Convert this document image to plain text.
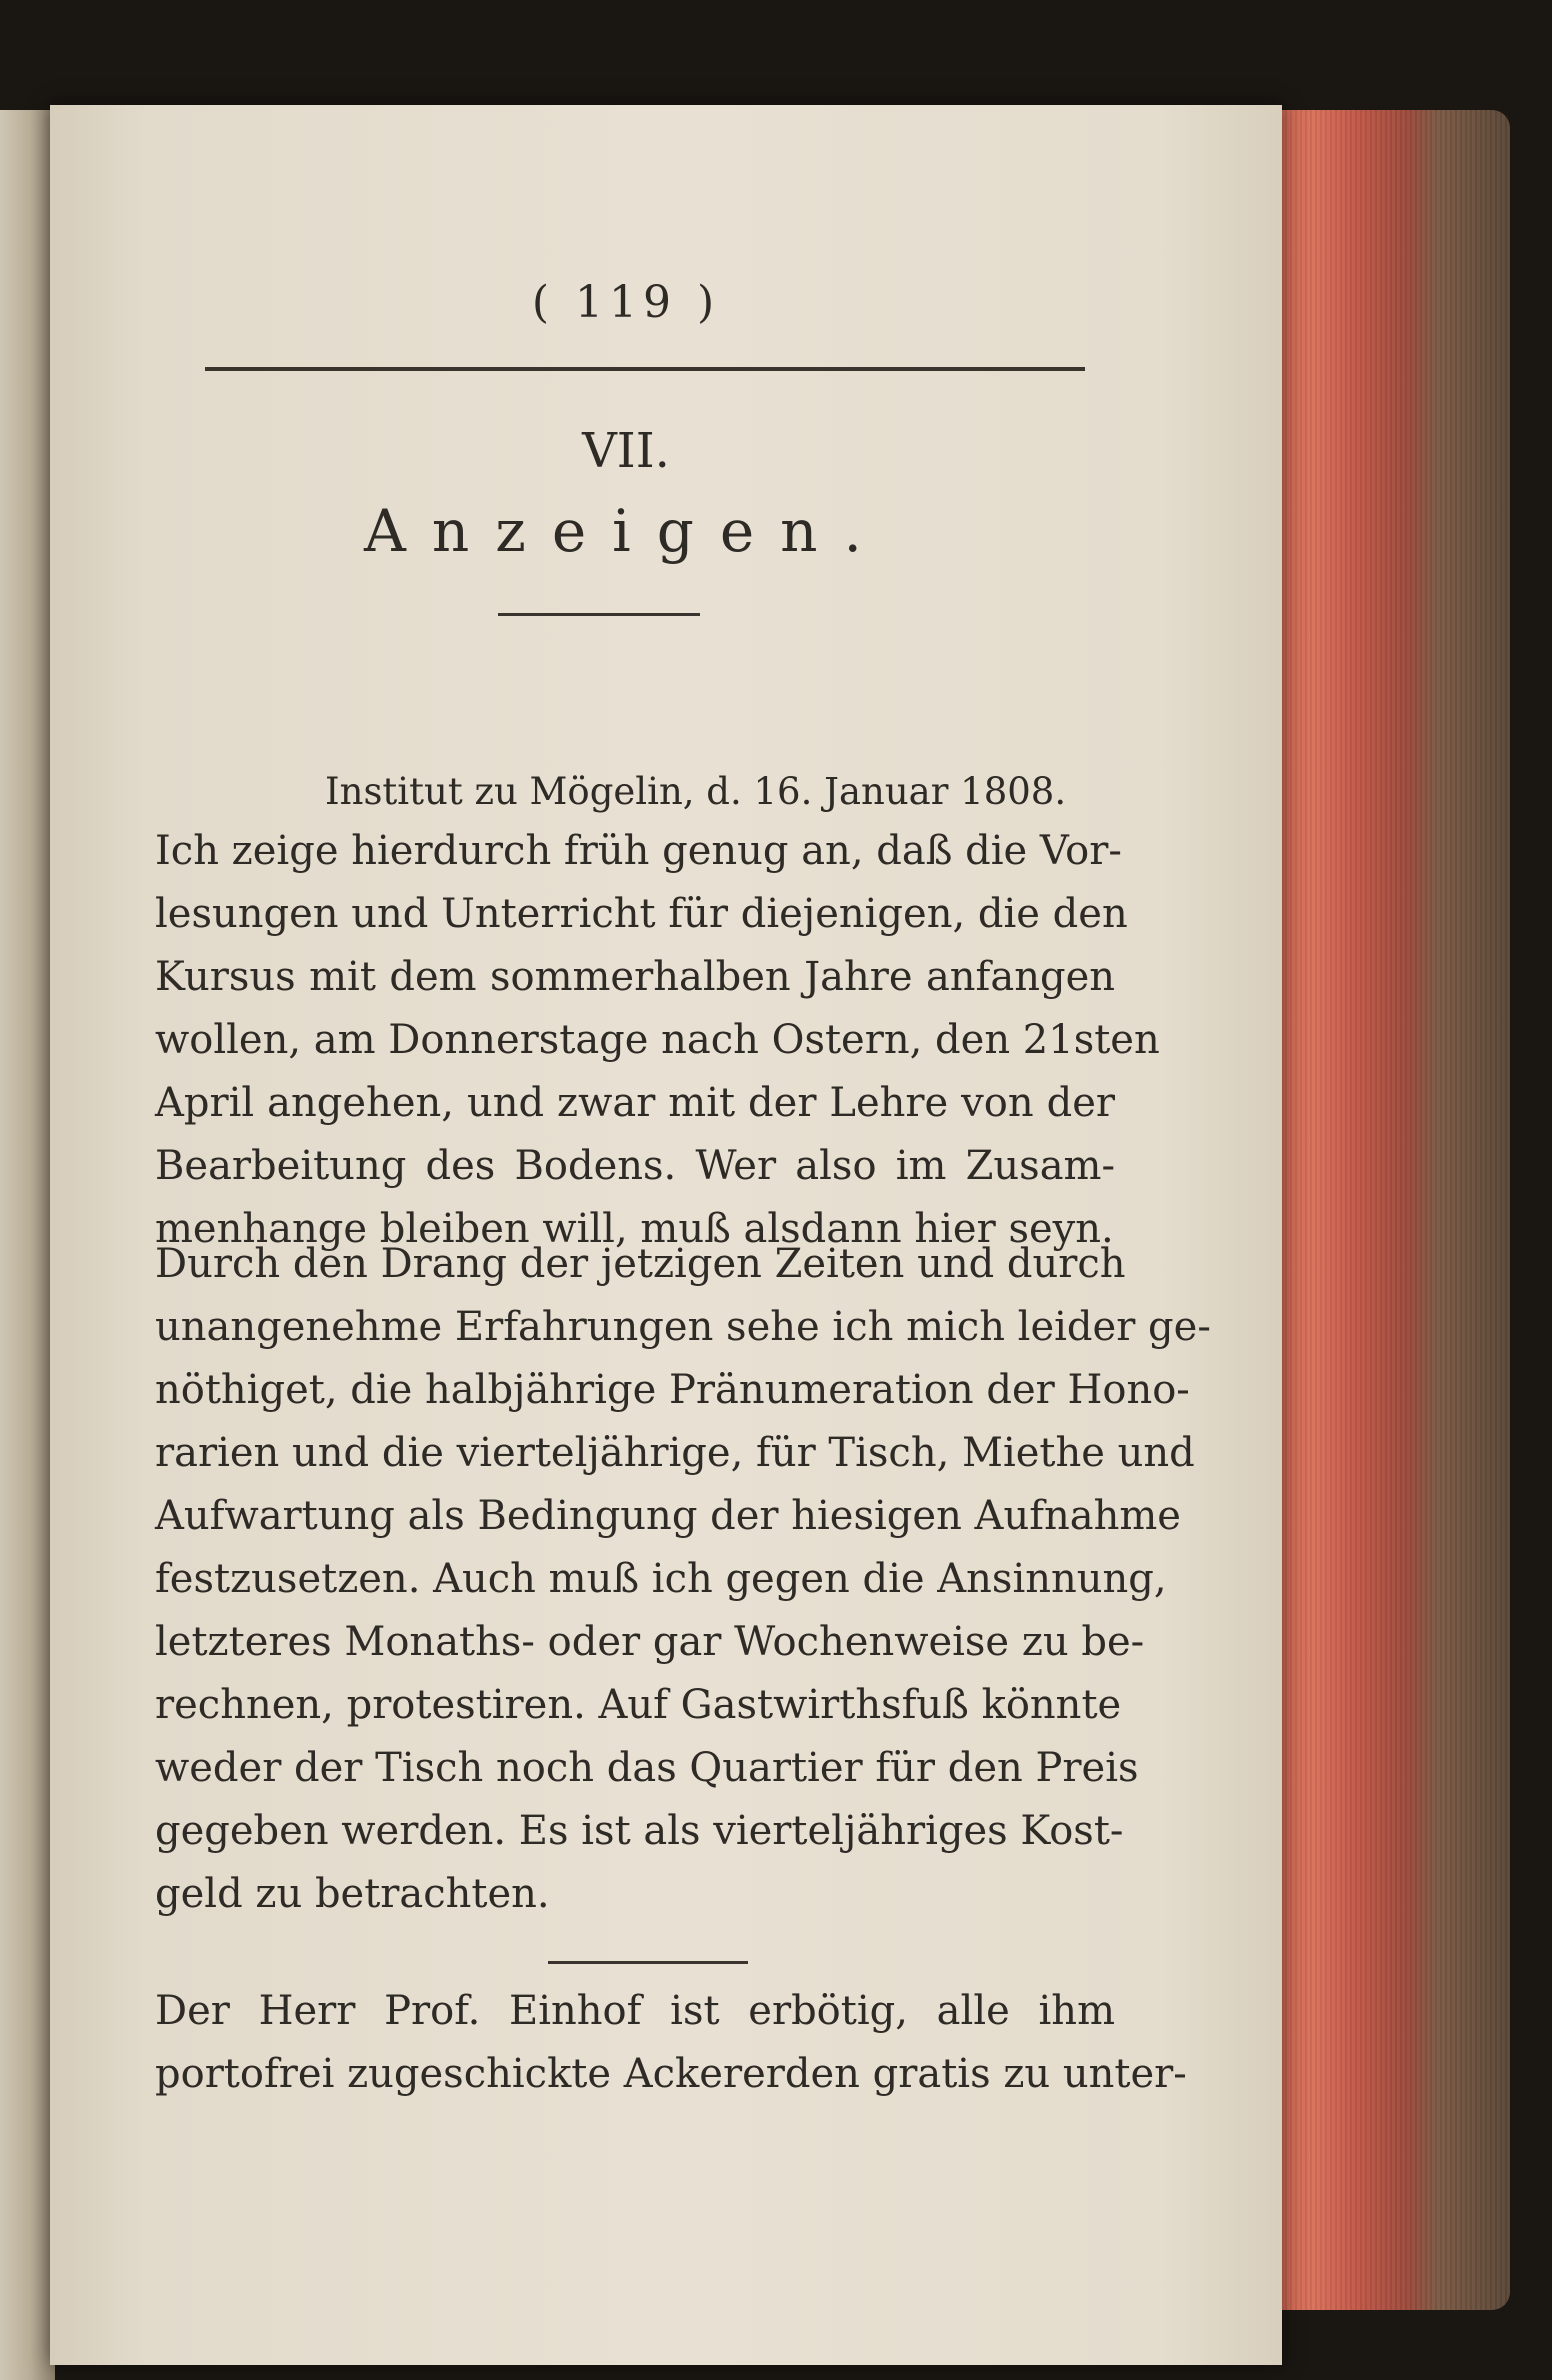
( 119 )
VII.
Anzeigen.
Institut zu Mögelin, d. 16. Januar 1808.
Ich zeige hierdurch früh genug an, daß die Vor-
lesungen und Unterricht für diejenigen, die den
Kursus mit dem sommerhalben Jahre anfangen
wollen, am Donnerstage nach Ostern, den 21sten
April angehen, und zwar mit der Lehre von der
Bearbeitung des Bodens. Wer also im Zusam-
menhange bleiben will, muß alsdann hier seyn.
Durch den Drang der jetzigen Zeiten und durch
unangenehme Erfahrungen sehe ich mich leider ge-
nöthiget, die halbjährige Pränumeration der Hono-
rarien und die vierteljährige, für Tisch, Miethe und
Aufwartung als Bedingung der hiesigen Aufnahme
festzusetzen. Auch muß ich gegen die Ansinnung,
letzteres Monaths- oder gar Wochenweise zu be-
rechnen, protestiren. Auf Gastwirthsfuß könnte
weder der Tisch noch das Quartier für den Preis
gegeben werden. Es ist als vierteljähriges Kost-
geld zu betrachten.
Der Herr Prof. Einhof ist erbötig, alle ihm
portofrei zugeschickte Ackererden gratis zu unter-
